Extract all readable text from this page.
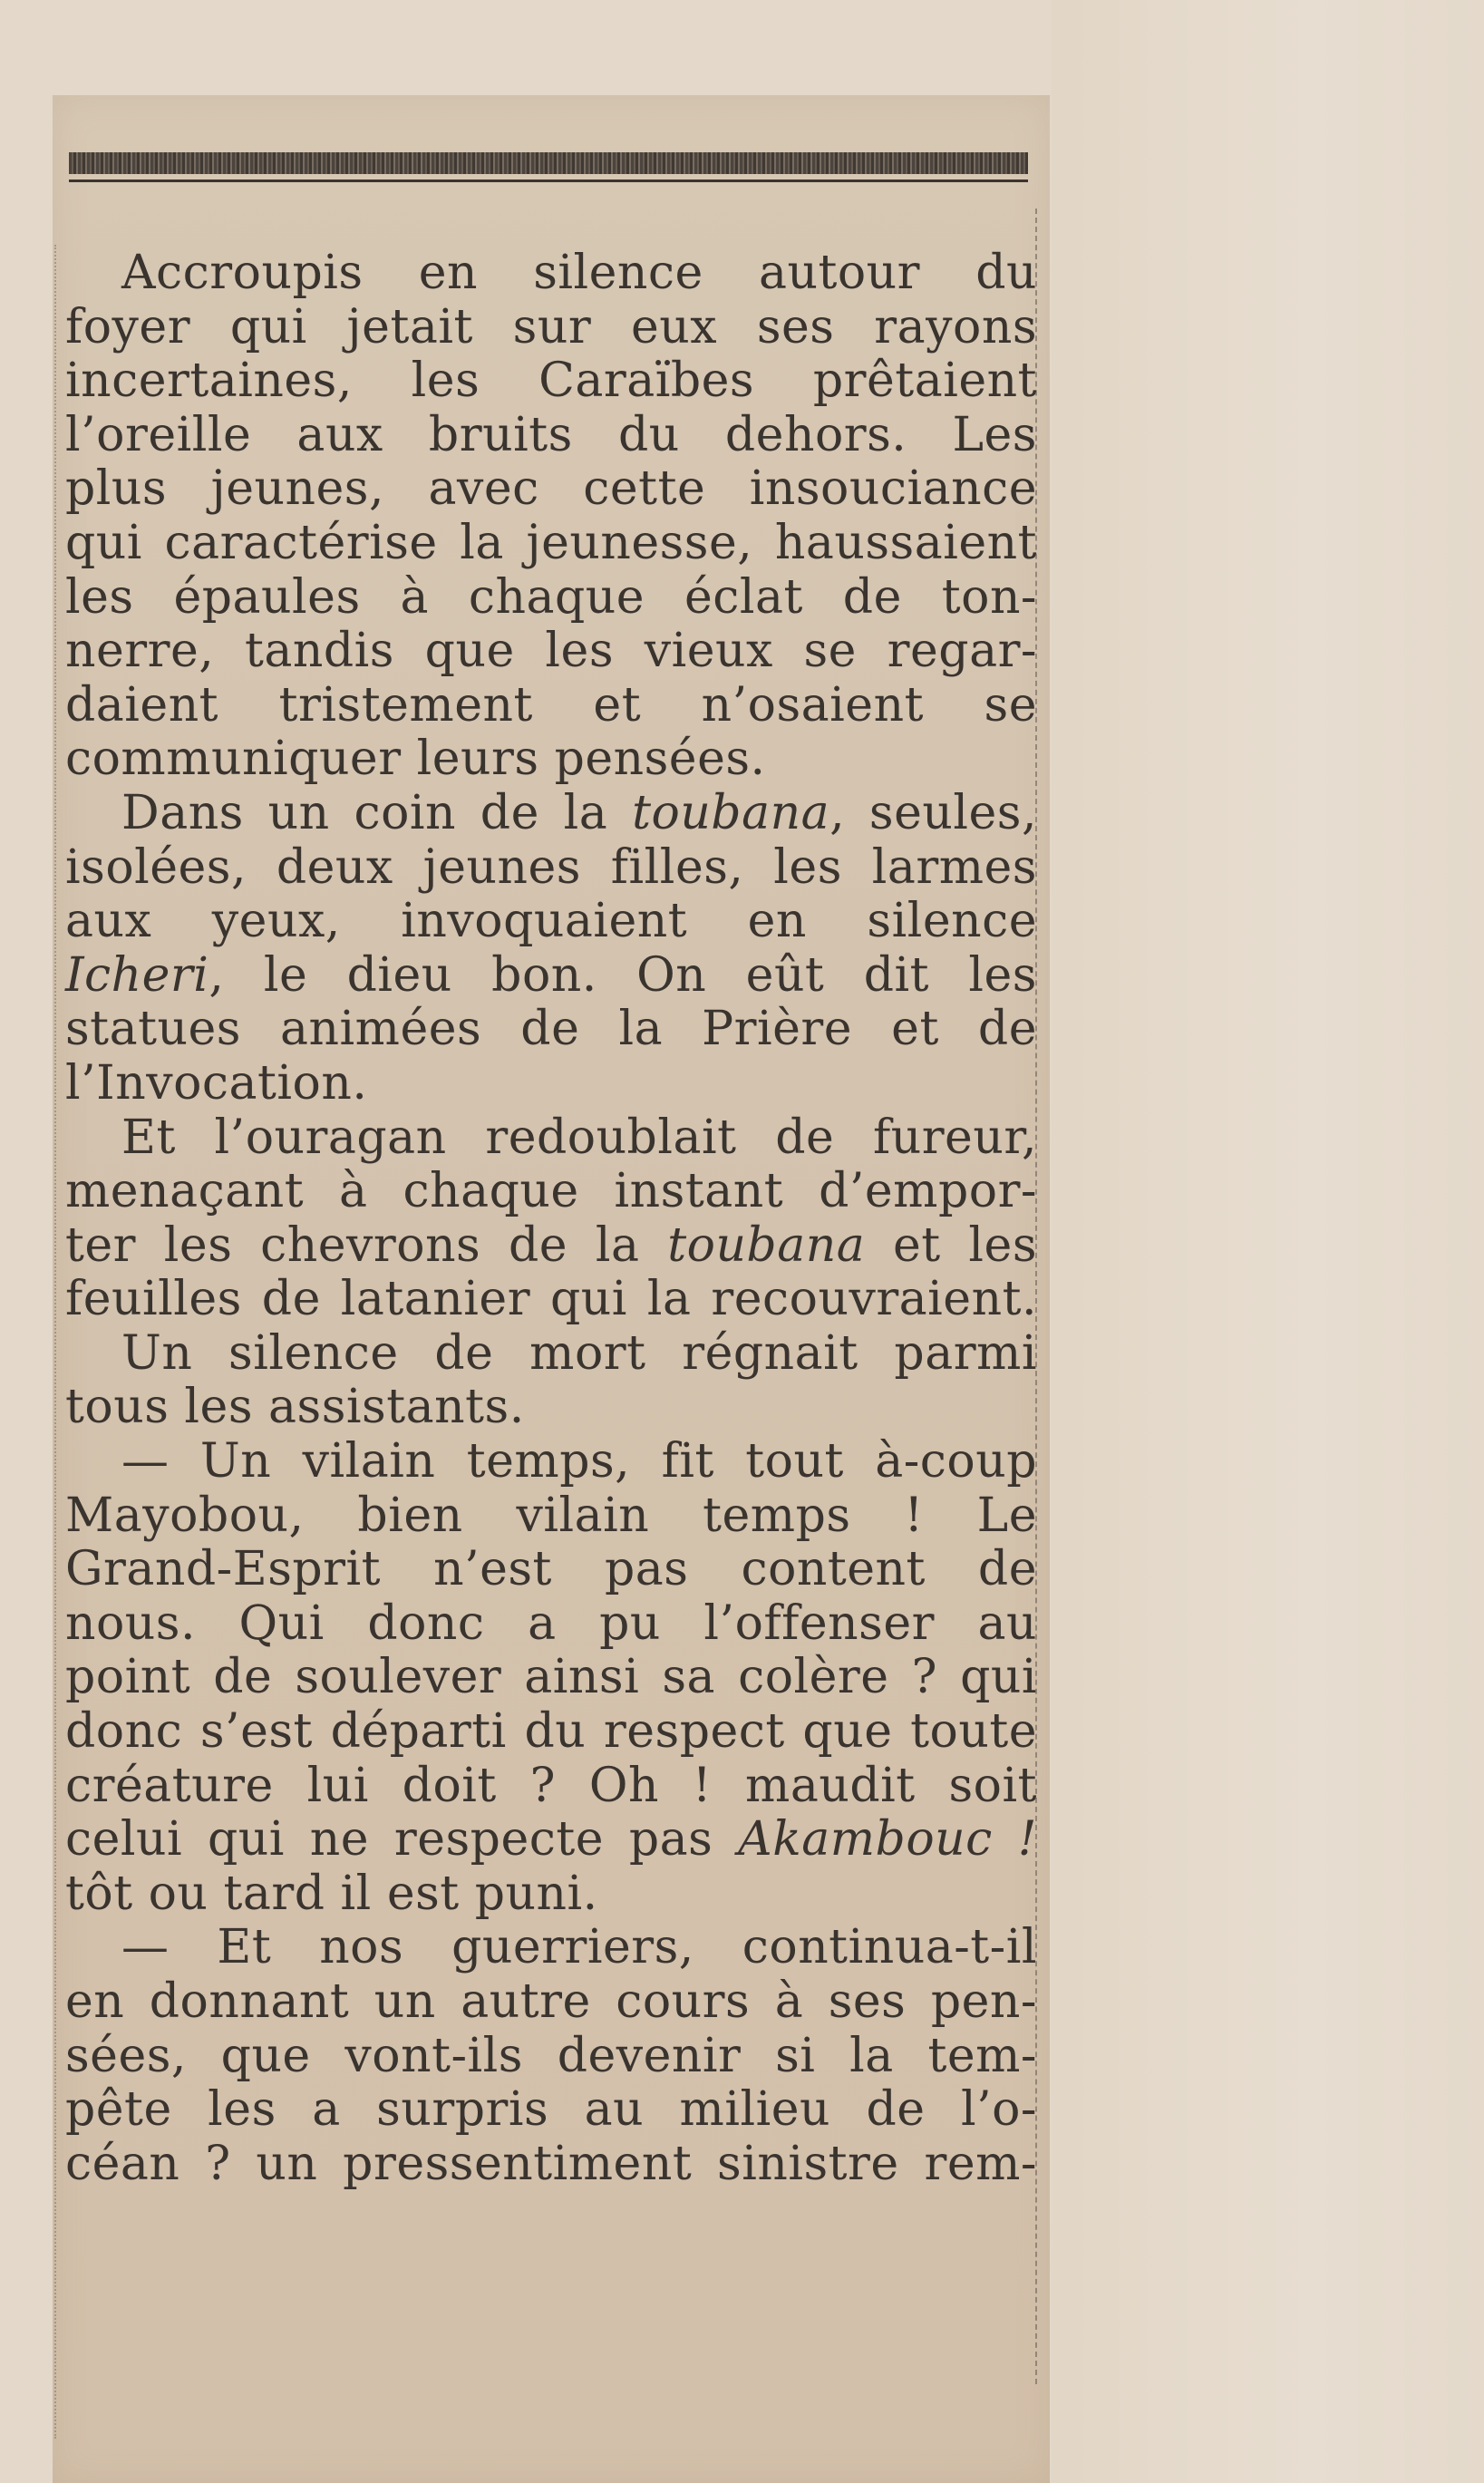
Accroupis en silence autour du
foyer qui jetait sur eux ses rayons
incertaines, les Caraïbes prêtaient
l’oreille aux bruits du dehors. Les
plus jeunes, avec cette insouciance
qui caractérise la jeunesse, haussaient
les épaules à chaque éclat de ton-
nerre, tandis que les vieux se regar-
daient tristement et n’osaient se
communiquer leurs pensées.
Dans un coin de la toubana, seules,
isolées, deux jeunes filles, les larmes
aux yeux, invoquaient en silence
Icheri, le dieu bon. On eût dit les
statues animées de la Prière et de
l’Invocation.
Et l’ouragan redoublait de fureur,
menaçant à chaque instant d’empor-
ter les chevrons de la toubana et les
feuilles de latanier qui la recouvraient.
Un silence de mort régnait parmi
tous les assistants.
— Un vilain temps, fit tout à-coup
Mayobou, bien vilain temps ! Le
Grand-Esprit n’est pas content de
nous. Qui donc a pu l’offenser au
point de soulever ainsi sa colère ? qui
donc s’est départi du respect que toute
créature lui doit ? Oh ! maudit soit
celui qui ne respecte pas Akambouc !
tôt ou tard il est puni.
— Et nos guerriers, continua-t-il
en donnant un autre cours à ses pen-
sées, que vont-ils devenir si la tem-
pête les a surpris au milieu de l’o-
céan ? un pressentiment sinistre rem-
